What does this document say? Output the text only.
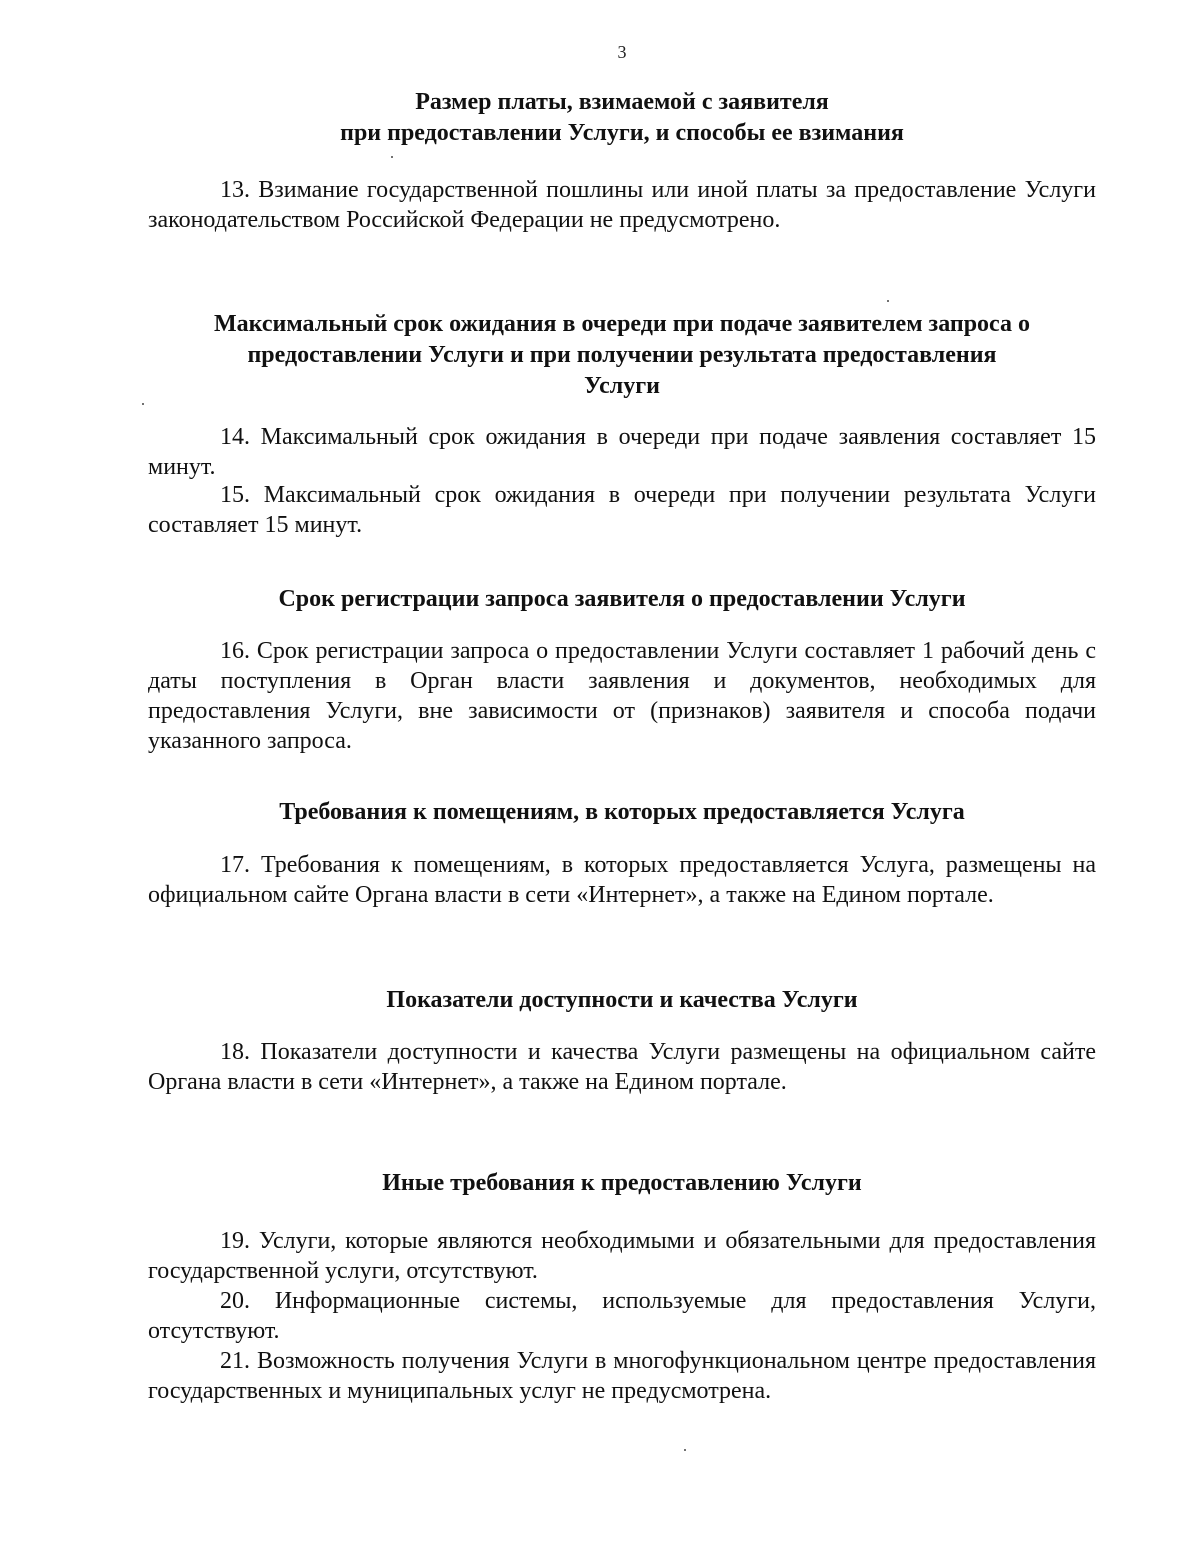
3
Размер платы, взимаемой с заявителя
при предоставлении Услуги, и способы ее взимания
13. Взимание государственной пошлины или иной платы за предоставление Услуги законодательством Российской Федерации не предусмотрено.
Максимальный срок ожидания в очереди при подаче заявителем запроса о
предоставлении Услуги и при получении результата предоставления
Услуги
14. Максимальный срок ожидания в очереди при подаче заявления составляет 15 минут.
15. Максимальный срок ожидания в очереди при получении результата Услуги составляет 15 минут.
Срок регистрации запроса заявителя о предоставлении Услуги
16. Срок регистрации запроса о предоставлении Услуги составляет 1 рабочий день с даты поступления в Орган власти заявления и документов, необходимых для предоставления Услуги, вне зависимости от (признаков) заявителя и способа подачи указанного запроса.
Требования к помещениям, в которых предоставляется Услуга
17. Требования к помещениям, в которых предоставляется Услуга, размещены на официальном сайте Органа власти в сети «Интернет», а также на Едином портале.
Показатели доступности и качества Услуги
18. Показатели доступности и качества Услуги размещены на официальном сайте Органа власти в сети «Интернет», а также на Едином портале.
Иные требования к предоставлению Услуги
19. Услуги, которые являются необходимыми и обязательными для предоставления государственной услуги, отсутствуют.
20. Информационные системы, используемые для предоставления Услуги, отсутствуют.
21. Возможность получения Услуги в многофункциональном центре предоставления государственных и муниципальных услуг не предусмотрена.
